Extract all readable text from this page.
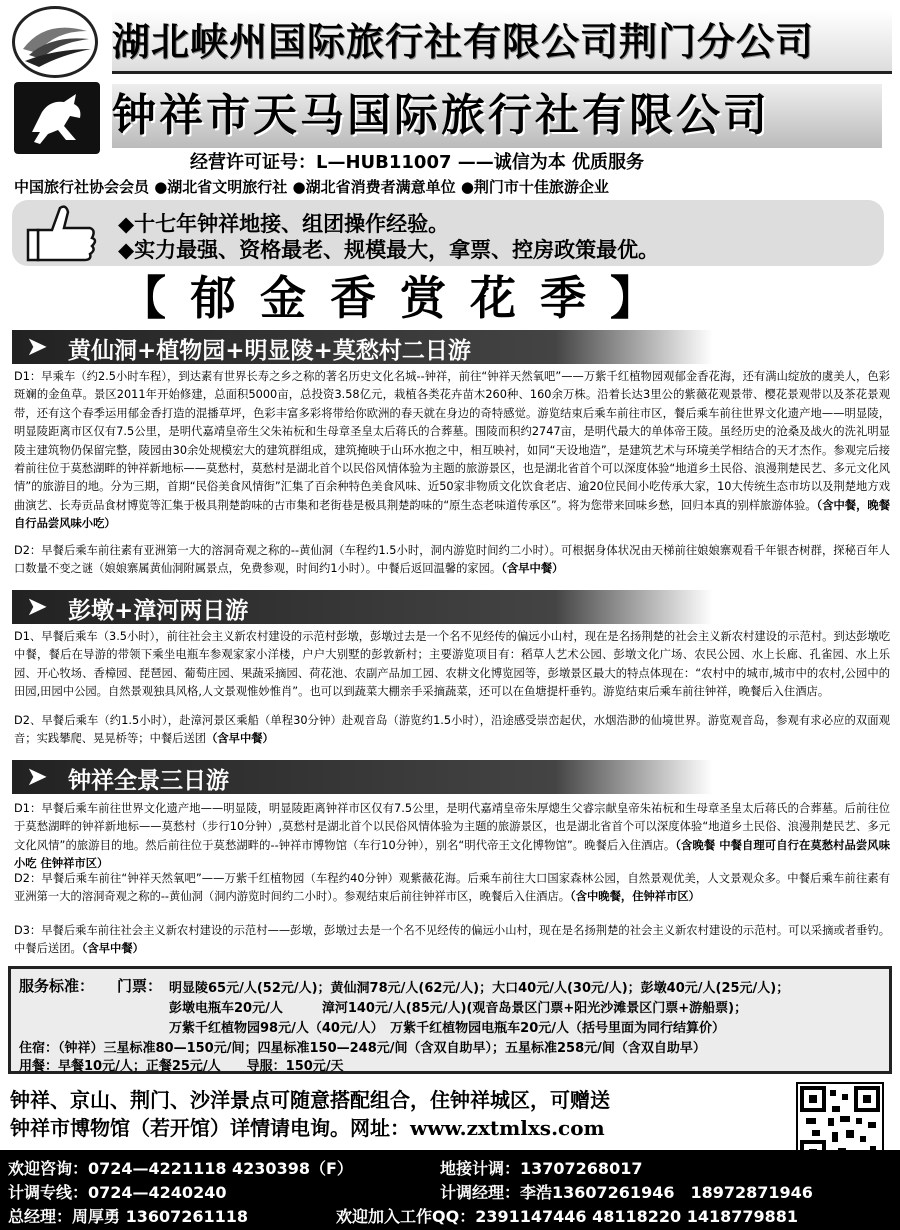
湖北峡州国际旅行社有限公司荆门分公司
钟祥市天马国际旅行社有限公司
经营许可证号：L—HUB11007 ——诚信为本 优质服务
中国旅行社协会会员 ●湖北省文明旅行社 ●湖北省消费者满意单位 ●荆门市十佳旅游企业
◆十七年钟祥地接、组团操作经验。
◆实力最强、资格最老、规模最大，拿票、控房政策最优。
【郁金香赏花季】
➤ 黄仙洞+植物园+明显陵+莫愁村二日游
D1：早乘车（约2.5小时车程），到达素有世界长寿之乡之称的著名历史文化名城--钟祥，前往“钟祥天然氧吧”——万紫千红植物园观郁金香花海，还有满山绽放的虞美人，色彩斑斓的金鱼草。景区2011年开始修建，总面积5000亩，总投资3.58亿元，栽植各类花卉苗木260种、160余万株。沿着长达3里公的紫薇花观景带、樱花景观带以及茶花景观带，还有这个春季运用郁金香打造的混播草坪，色彩丰富多彩将带给你欧洲的春天就在身边的奇特感觉。游览结束后乘车前往市区，餐后乘车前往世界文化遗产地——明显陵，明显陵距离市区仅有7.5公里，是明代嘉靖皇帝生父朱祐杬和生母章圣皇太后蒋氏的合葬墓。围陵而积约2747亩，是明代最大的单体帝王陵。虽经历史的沧桑及战火的洗礼明显陵主建筑物仍保留完整，陵园由30余处规模宏大的建筑群组成，建筑掩映于山环水抱之中，相互映衬，如同“天设地造”，是建筑艺术与环境美学相结合的天才杰作。参观完后接着前往位于莫愁湖畔的钟祥新地标——莫愁村，莫愁村是湖北首个以民俗风情体验为主题的旅游景区，也是湖北省首个可以深度体验“地道乡土民俗、浪漫荆楚民艺、多元文化风情”的旅游目的地。分为三期，首期“民俗美食风情街”汇集了百余种特色美食风味、近50家非物质文化饮食老店、逾20位民间小吃传承大家，10大传统生态市坊以及荆楚地方戏曲演艺、长寿贡品食材博览等汇集于极具荆楚韵味的古市集和老街巷是极具荆楚韵味的“原生态老味道传承区”。将为您带来回味乡愁，回归本真的别样旅游体验。（含中餐，晚餐自行品尝风味小吃）
D2：早餐后乘车前往素有亚洲第一大的溶洞奇观之称的--黄仙洞（车程约1.5小时，洞内游览时间约二小时）。可根据身体状况由天梯前往娘娘寨观看千年银杏树群，探秘百年人口数量不变之谜（娘娘寨属黄仙洞附属景点，免费参观，时间约1小时）。中餐后返回温馨的家园。（含早中餐）
➤ 彭墩+漳河两日游
D1、早餐后乘车（3.5小时），前往社会主义新农村建设的示范村彭墩，彭墩过去是一个名不见经传的偏远小山村，现在是名扬荆楚的社会主义新农村建设的示范村。到达彭墩吃中餐，餐后在导游的带领下乘坐电瓶车参观家家小洋楼，户户大别墅的彭敦新村；主要游览项目有：稻草人艺术公园、彭墩文化广场、农民公园、水上长廊、孔雀园、水上乐园、开心牧场、香樟园、琵琶园、葡萄庄园、果蔬采摘园、荷花池、农副产品加工园、农耕文化博览园等，彭墩景区最大的特点体现在：“农村中的城市,城市中的农村,公园中的田园,田园中公园。自然景观独具风格,人文景观惟妙惟肖”。也可以到蔬菜大棚亲手采摘蔬菜，还可以在鱼塘提杆垂钓。游览结束后乘车前往钟祥，晚餐后入住酒店。
D2、早餐后乘车（约1.5小时），赴漳河景区乘船（单程30分钟）赴观音岛（游览约1.5小时），沿途感受崇峦起伏，水烟浩渺的仙境世界。游览观音岛，参观有求必应的双面观音；实践攀爬、晃晃桥等；中餐后送团（含早中餐）
➤ 钟祥全景三日游
D1：早餐后乘车前往世界文化遗产地——明显陵，明显陵距离钟祥市区仅有7.5公里，是明代嘉靖皇帝朱厚熜生父睿宗献皇帝朱祐杬和生母章圣皇太后蒋氏的合葬墓。后前往位于莫愁湖畔的钟祥新地标——莫愁村（步行10分钟）,莫愁村是湖北首个以民俗风情体验为主题的旅游景区，也是湖北省首个可以深度体验“地道乡土民俗、浪漫荆楚民艺、多元文化风情”的旅游目的地。然后前往位于莫愁湖畔的--钟祥市博物馆（车行10分钟），别名“明代帝王文化博物馆”。晚餐后入住酒店。（含晚餐 中餐自理可自行在莫愁村品尝风味小吃 住钟祥市区）
D2：早餐后乘车前往“钟祥天然氧吧”——万紫千红植物园（车程约40分钟）观紫薇花海。后乘车前往大口国家森林公园，自然景观优美，人文景观众多。中餐后乘车前往素有亚洲第一大的溶洞奇观之称的--黄仙洞（洞内游览时间约二小时）。参观结束后前往钟祥市区，晚餐后入住酒店。（含中晚餐，住钟祥市区）
D3：早餐后乘车前往社会主义新农村建设的示范村——彭墩，彭墩过去是一个名不见经传的偏远小山村，现在是名扬荆楚的社会主义新农村建设的示范村。可以采摘或者垂钓。中餐后送团。（含早中餐）
服务标准： 门票： 明显陵65元/人(52元/人)；黄仙洞78元/人(62元/人)；大口40元/人(30元/人)；彭墩40元/人(25元/人)；
彭墩电瓶车20元/人　　　漳河140元/人(85元/人)(观音岛景区门票+阳光沙滩景区门票+游船票)；
万紫千红植物园98元/人（40元/人）　万紫千红植物园电瓶车20元/人（括号里面为同行结算价）
住宿：（钟祥）三星标准80—150元/间；四星标准150—248元/间（含双自助早）；五星标准258元/间（含双自助早）
用餐：早餐10元/人；正餐25元/人　　导服：150元/天
钟祥、京山、荆门、沙洋景点可随意搭配组合，住钟祥城区，可赠送
钟祥市博物馆（若开馆）详情请电询。网址：www.zxtmlxs.com
欢迎咨询：0724—4221118 4230398（F）	地接计调：13707268017
计调专线：0724—4240240	计调经理：李浩13607261946　18972871946
总经理：周厚勇 13607261118	欢迎加入工作QQ：2391147446 48118220 1418779881
